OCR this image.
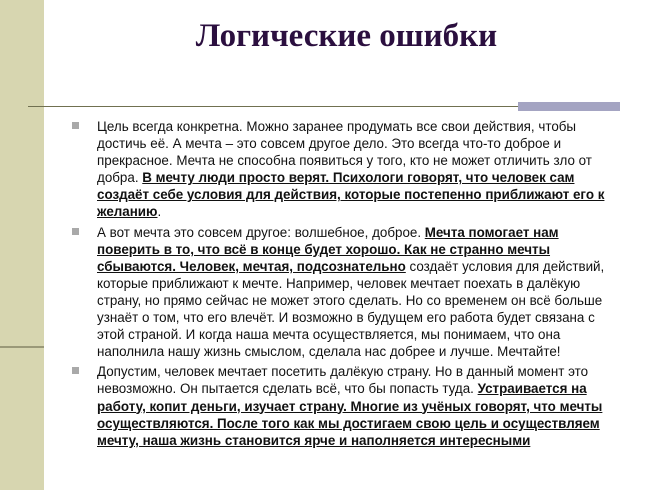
Логические ошибки
Цель всегда конкретна. Можно заранее продумать все свои действия, чтобы достичь её. А мечта – это совсем другое дело. Это всегда что-то доброе и прекрасное. Мечта не способна появиться у того, кто не может отличить зло от добра. В мечту люди просто верят. Психологи говорят, что человек сам создаёт себе условия для действия, которые постепенно приближают его к желанию.
А вот мечта это совсем другое: волшебное, доброе. Мечта помогает нам поверить в то, что всё в конце будет хорошо. Как не странно мечты сбываются. Человек, мечтая, подсознательно создаёт условия для действий, которые приближают к мечте. Например, человек мечтает поехать в далёкую страну, но прямо сейчас не может этого сделать. Но со временем он всё больше узнаёт о том, что его влечёт. И возможно в будущем его работа будет связана с этой страной. И когда наша мечта осуществляется, мы понимаем, что она наполнила нашу жизнь смыслом, сделала нас добрее и лучше. Мечтайте!
Допустим, человек мечтает посетить далёкую страну. Но в данный момент это невозможно. Он пытается сделать всё, что бы попасть туда. Устраивается на работу, копит деньги, изучает страну. Многие из учёных говорят, что мечты осуществляются. После того как мы достигаем свою цель и осуществляем мечту, наша жизнь становится ярче и наполняется интересными
